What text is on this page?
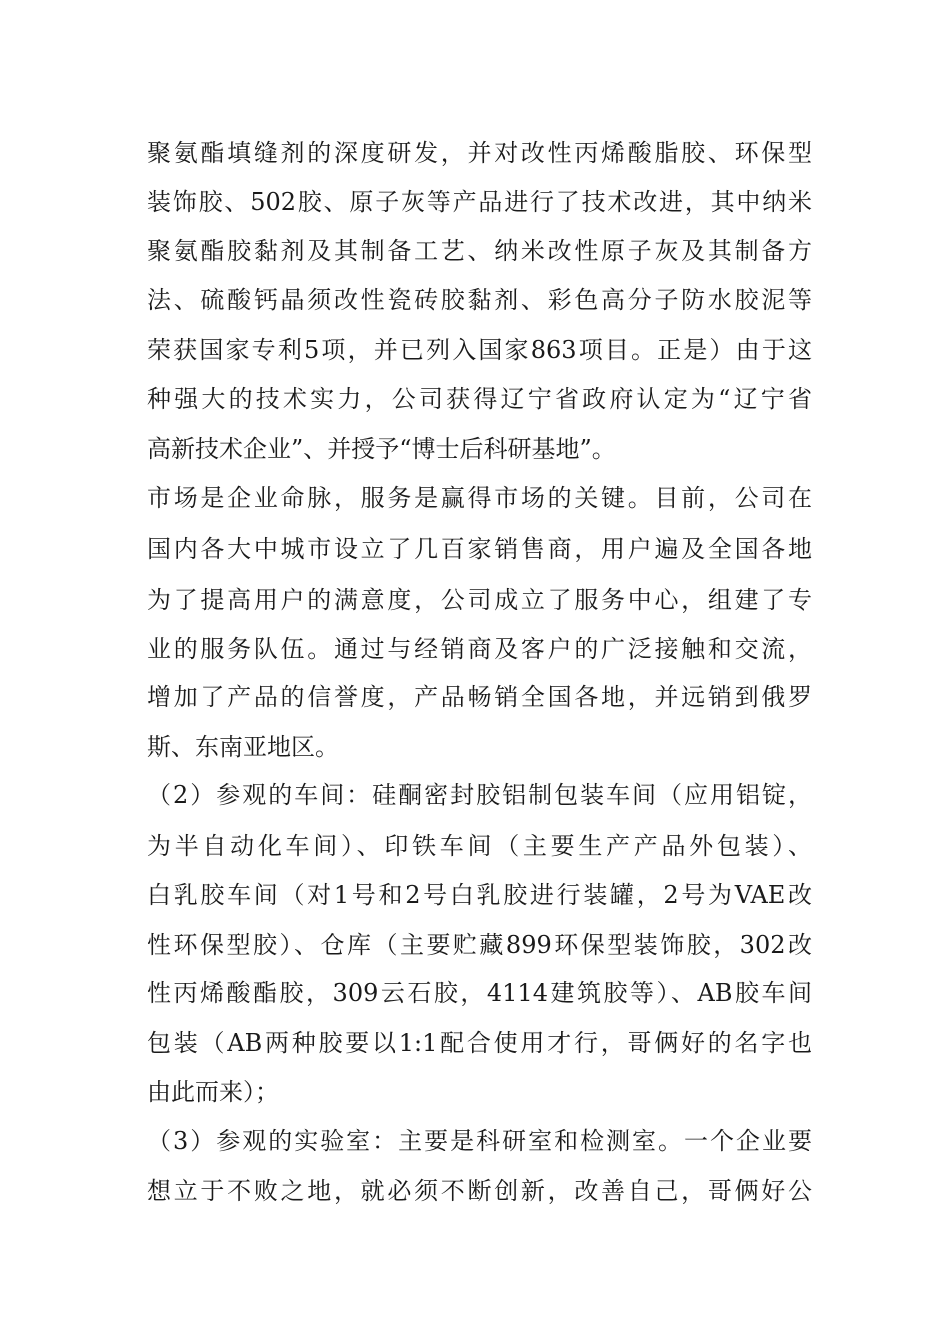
聚氨酯填缝剂的深度研发，并对改性丙烯酸脂胶、环保型
装饰胶、502胶、原子灰等产品进行了技术改进，其中纳米
聚氨酯胶黏剂及其制备工艺、纳米改性原子灰及其制备方
法、硫酸钙晶须改性瓷砖胶黏剂、彩色高分子防水胶泥等
荣获国家专利5项，并已列入国家863项目。正是）由于这
种强大的技术实力，公司获得辽宁省政府认定为“辽宁省
高新技术企业”、并授予“博士后科研基地”。
市场是企业命脉，服务是赢得市场的关键。目前，公司在
国内各大中城市设立了几百家销售商，用户遍及全国各地
为了提高用户的满意度，公司成立了服务中心，组建了专
业的服务队伍。通过与经销商及客户的广泛接触和交流，
增加了产品的信誉度，产品畅销全国各地，并远销到俄罗
斯、东南亚地区。
（2）参观的车间：硅酮密封胶铝制包装车间（应用铝锭，
为半自动化车间）、印铁车间（主要生产产品外包装）、
白乳胶车间（对1号和2号白乳胶进行装罐，2号为VAE改
性环保型胶）、仓库（主要贮藏899环保型装饰胶，302改
性丙烯酸酯胶，309云石胶，4114建筑胶等）、AB胶车间
包装（AB两种胶要以1:1配合使用才行，哥俩好的名字也
由此而来）；
（3）参观的实验室：主要是科研室和检测室。一个企业要
想立于不败之地，就必须不断创新，改善自己，哥俩好公
